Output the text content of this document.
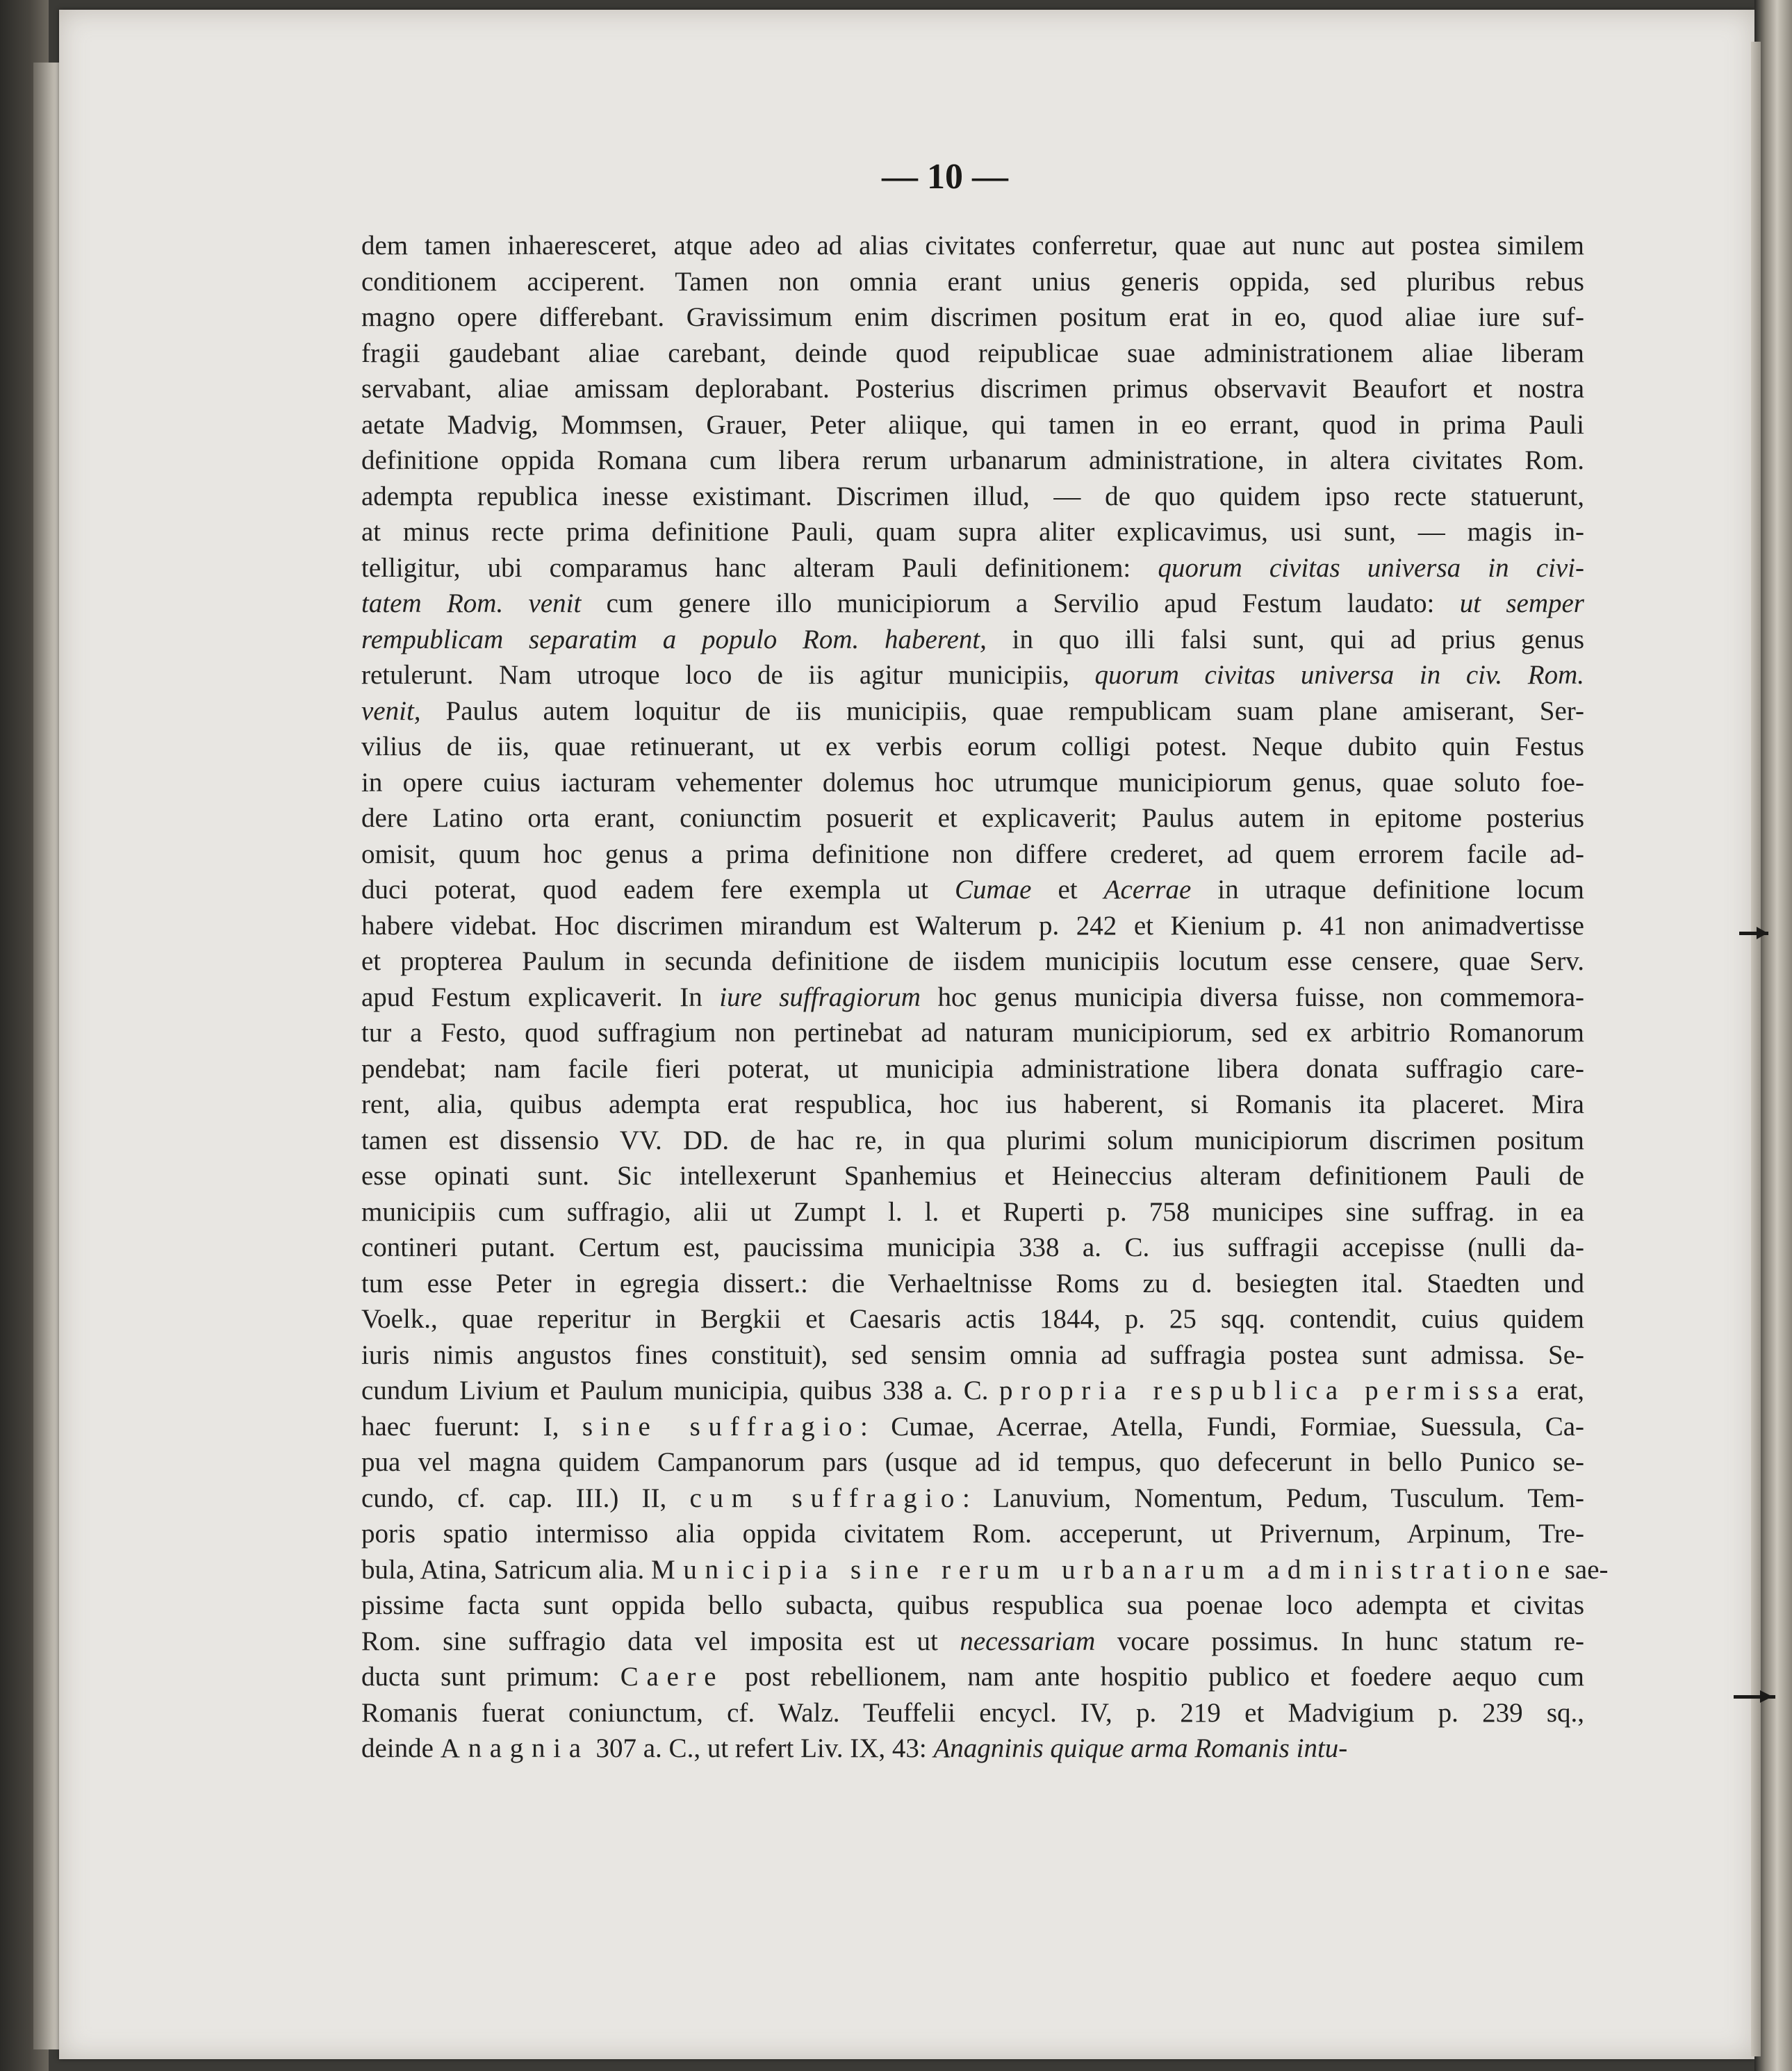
— 10 —
dem tamen inhaeresceret, atque adeo ad alias civitates conferretur, quae aut nunc aut postea similem
conditionem acciperent. Tamen non omnia erant unius generis oppida, sed pluribus rebus
magno opere differebant. Gravissimum enim discrimen positum erat in eo, quod aliae iure suf-
fragii gaudebant aliae carebant, deinde quod reipublicae suae administrationem aliae liberam
servabant, aliae amissam deplorabant. Posterius discrimen primus observavit Beaufort et nostra
aetate Madvig, Mommsen, Grauer, Peter aliique, qui tamen in eo errant, quod in prima Pauli
definitione oppida Romana cum libera rerum urbanarum administratione, in altera civitates Rom.
adempta republica inesse existimant. Discrimen illud, — de quo quidem ipso recte statuerunt,
at minus recte prima definitione Pauli, quam supra aliter explicavimus, usi sunt, — magis in-
telligitur, ubi comparamus hanc alteram Pauli definitionem: quorum civitas universa in civi-
tatem Rom. venit cum genere illo municipiorum a Servilio apud Festum laudato: ut semper
rempublicam separatim a populo Rom. haberent, in quo illi falsi sunt, qui ad prius genus
retulerunt. Nam utroque loco de iis agitur municipiis, quorum civitas universa in civ. Rom.
venit, Paulus autem loquitur de iis municipiis, quae rempublicam suam plane amiserant, Ser-
vilius de iis, quae retinuerant, ut ex verbis eorum colligi potest. Neque dubito quin Festus
in opere cuius iacturam vehementer dolemus hoc utrumque municipiorum genus, quae soluto foe-
dere Latino orta erant, coniunctim posuerit et explicaverit; Paulus autem in epitome posterius
omisit, quum hoc genus a prima definitione non differe crederet, ad quem errorem facile ad-
duci poterat, quod eadem fere exempla ut Cumae et Acerrae in utraque definitione locum
habere videbat. Hoc discrimen mirandum est Walterum p. 242 et Kienium p. 41 non animadvertisse
et propterea Paulum in secunda definitione de iisdem municipiis locutum esse censere, quae Serv.
apud Festum explicaverit. In iure suffragiorum hoc genus municipia diversa fuisse, non commemora-
tur a Festo, quod suffragium non pertinebat ad naturam municipiorum, sed ex arbitrio Romanorum
pendebat; nam facile fieri poterat, ut municipia administratione libera donata suffragio care-
rent, alia, quibus adempta erat respublica, hoc ius haberent, si Romanis ita placeret. Mira
tamen est dissensio VV. DD. de hac re, in qua plurimi solum municipiorum discrimen positum
esse opinati sunt. Sic intellexerunt Spanhemius et Heineccius alteram definitionem Pauli de
municipiis cum suffragio, alii ut Zumpt l. l. et Ruperti p. 758 municipes sine suffrag. in ea
contineri putant. Certum est, paucissima municipia 338 a. C. ius suffragii accepisse (nulli da-
tum esse Peter in egregia dissert.: die Verhaeltnisse Roms zu d. besiegten ital. Staedten und
Voelk., quae reperitur in Bergkii et Caesaris actis 1844, p. 25 sqq. contendit, cuius quidem
iuris nimis angustos fines constituit), sed sensim omnia ad suffragia postea sunt admissa. Se-
cundum Livium et Paulum municipia, quibus 338 a. C. propria respublica permissa erat,
haec fuerunt: I, sine suffragio: Cumae, Acerrae, Atella, Fundi, Formiae, Suessula, Ca-
pua vel magna quidem Campanorum pars (usque ad id tempus, quo defecerunt in bello Punico se-
cundo, cf. cap. III.) II, cum suffragio: Lanuvium, Nomentum, Pedum, Tusculum. Tem-
poris spatio intermisso alia oppida civitatem Rom. acceperunt, ut Privernum, Arpinum, Tre-
bula, Atina, Satricum alia. Municipia sine rerum urbanarum administratione sae-
pissime facta sunt oppida bello subacta, quibus respublica sua poenae loco adempta et civitas
Rom. sine suffragio data vel imposita est ut necessariam vocare possimus. In hunc statum re-
ducta sunt primum: Caere post rebellionem, nam ante hospitio publico et foedere aequo cum
Romanis fuerat coniunctum, cf. Walz. Teuffelii encycl. IV, p. 219 et Madvigium p. 239 sq.,
deinde Anagnia 307 a. C., ut refert Liv. IX, 43: Anagninis quique arma Romanis intu-
